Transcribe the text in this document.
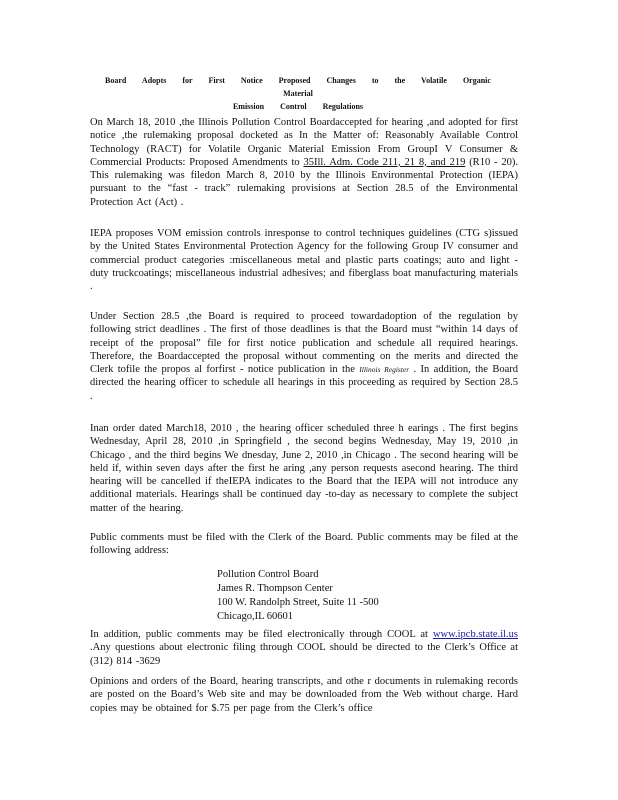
Board Adopts for First Notice Proposed Changes to the Volatile Organic Material
Emission Control Regulations
On March 18, 2010 ,the Illinois Pollution Control Boardaccepted for hearing ,and adopted for first notice ,the rulemaking proposal docketed as In the Matter of: Reasonably Available Control Technology (RACT) for Volatile Organic Material Emission From GroupI V Consumer & Commercial Products: Proposed Amendments to 35Ill. Adm. Code 211, 21 8, and 219 (R10 - 20). This rulemaking was filedon March 8, 2010 by the Illinois Environmental Protection (IEPA) pursuant to the “fast - track” rulemaking provisions at Section 28.5 of the Environmental Protection Act (Act) .
IEPA proposes VOM emission controls inresponse to control techniques guidelines (CTG s)issued by the United States Environmental Protection Agency for the following Group IV consumer and commercial product categories :miscellaneous metal and plastic parts coatings; auto and light -duty truckcoatings; miscellaneous industrial adhesives; and fiberglass boat manufacturing materials .
Under Section 28.5 ,the Board is required to proceed towardadoption of the regulation by following strict deadlines . The first of those deadlines is that the Board must “within 14 days of receipt of the proposal” file for first notice publication and schedule all required hearings. Therefore, the Boardaccepted the proposal without commenting on the merits and directed the Clerk tofile the propos al forfirst - notice publication in the Illinois Register . In addition, the Board directed the hearing officer to schedule all hearings in this proceeding as required by Section 28.5 .
Inan order dated March18, 2010 , the hearing officer scheduled three h earings . The first begins Wednesday, April 28, 2010 ,in Springfield , the second begins Wednesday, May 19, 2010 ,in Chicago , and the third begins We dnesday, June 2, 2010 ,in Chicago . The second hearing will be held if, within seven days after the first he aring ,any person requests asecond hearing. The third hearing will be cancelled if theIEPA indicates to the Board that the IEPA will not introduce any additional materials. Hearings shall be continued day -to-day as necessary to complete the subject matter of the hearing.
Public comments must be filed with the Clerk of the Board. Public comments may be filed at the following address:
Pollution Control Board
James R. Thompson Center
100 W. Randolph Street, Suite 11 -500
Chicago,IL 60601
In addition, public comments may be filed electronically through COOL at www.ipcb.state.il.us .Any questions about electronic filing through COOL should be directed to the Clerk’s Office at (312) 814 -3629
Opinions and orders of the Board, hearing transcripts, and othe r documents in rulemaking records are posted on the Board’s Web site and may be downloaded from the Web without charge. Hard copies may be obtained for $.75 per page from the Clerk’s office
